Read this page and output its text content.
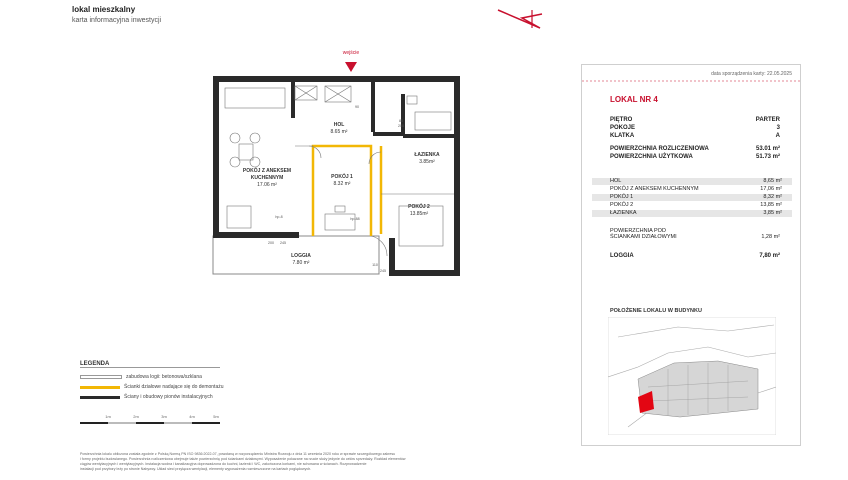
lokal mieszkalny
karta informacyjna inwestycji
wejście
HOL
8.65 m²
ŁAZIENKA
3.85m²
POKÓJ Z ANEKSEM
KUCHENNYM
17.06 m²
POKÓJ 1
8.32 m²
POKÓJ 2
13.85m²
LOGGIA
7.80 m²
80
200
90
hp-8	hp-88
200 245
110
245
LEGENDA
zabudowa logii: betonowa/szklana
Ścianki działowe nadające się do demontażu
Ściany i obudowy pionów instalacyjnych
1m	2m	3m	4m	5m
data sporządzenia karty: 22.05.2025
LOKAL NR 4
PIĘTRO	PARTER
POKOJE	3
KLATKA	A
POWIERZCHNIA ROZLICZENIOWA	53.01 m²
POWIERZCHNIA UŻYTKOWA	51.73 m²
HOL	8,65 m²
POKÓJ Z ANEKSEM KUCHENNYM	17,06 m²
POKÓJ 1	8,32 m²
POKÓJ 2	13,85 m²
ŁAZIENKA	3,85 m²
POWIERZCHNIA POD
ŚCIANKAMI DZIAŁOWYMI	1,28 m²
LOGGIA	7,80 m²
POŁOŻENIE LOKALU W BUDYNKU
Powierzchnia lokalu obliczona została zgodnie z Polską Normą PN ISO 9836:2022-07, powołaną w rozporządzeniu Ministra Rozwoju z dnia 11 września 2020 roku w sprawie szczegółowego zakresu
i formy projektu budowlanego. Powierzchnia rozliczeniowa obejmuje także powierzchnię pod ściankami działowymi. Wyposażenie pokazane na rzucie służy jedynie do celów sprzedaży. Rozkład elementów
ciągów wentylacyjnych i wentylacyjnych. Instalacja wodna i kanalizacyjna doprowadzona do kuchni, łazienki i WC, zakończona korkami, nie schowana w ścianach. Rozprowadzenie
instalacji pod przybory leży po stronie Nabywcy. Układ sieci przyłącza wentylacji, elementy wyposażenia rozmieszczone na kartach poglądowych.
